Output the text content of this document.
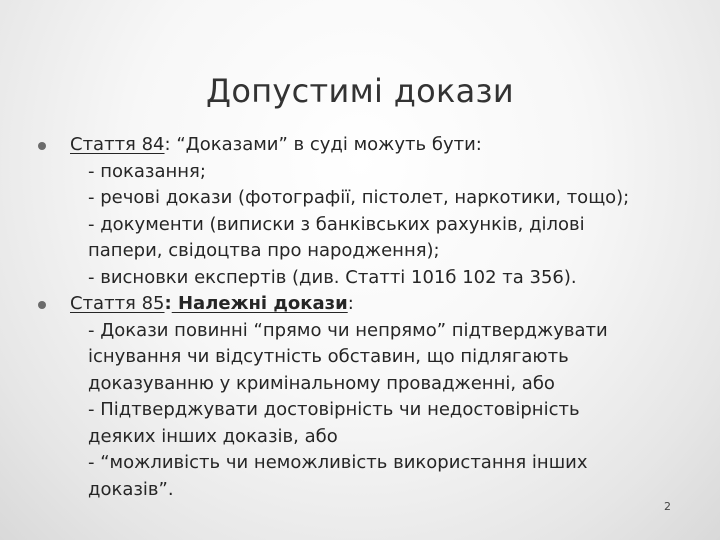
Допустимі докази
Стаття 84: “Доказами” в суді можуть бути:
- показання;
- речові докази (фотографії, пістолет, наркотики, тощо);
- документи (виписки з банківських рахунків, ділові
папери, свідоцтва про народження);
- висновки експертів (див. Статті 101б 102 та 356).
Стаття 85: Належні докази:
- Докази повинні “прямо чи непрямо” підтверджувати
існування чи відсутність обставин, що підлягають
доказуванню у кримінальному провадженні, або
- Підтверджувати достовірність чи недостовірність
деяких інших доказів, або
- “можливість чи неможливість використання інших
доказів”.
2
